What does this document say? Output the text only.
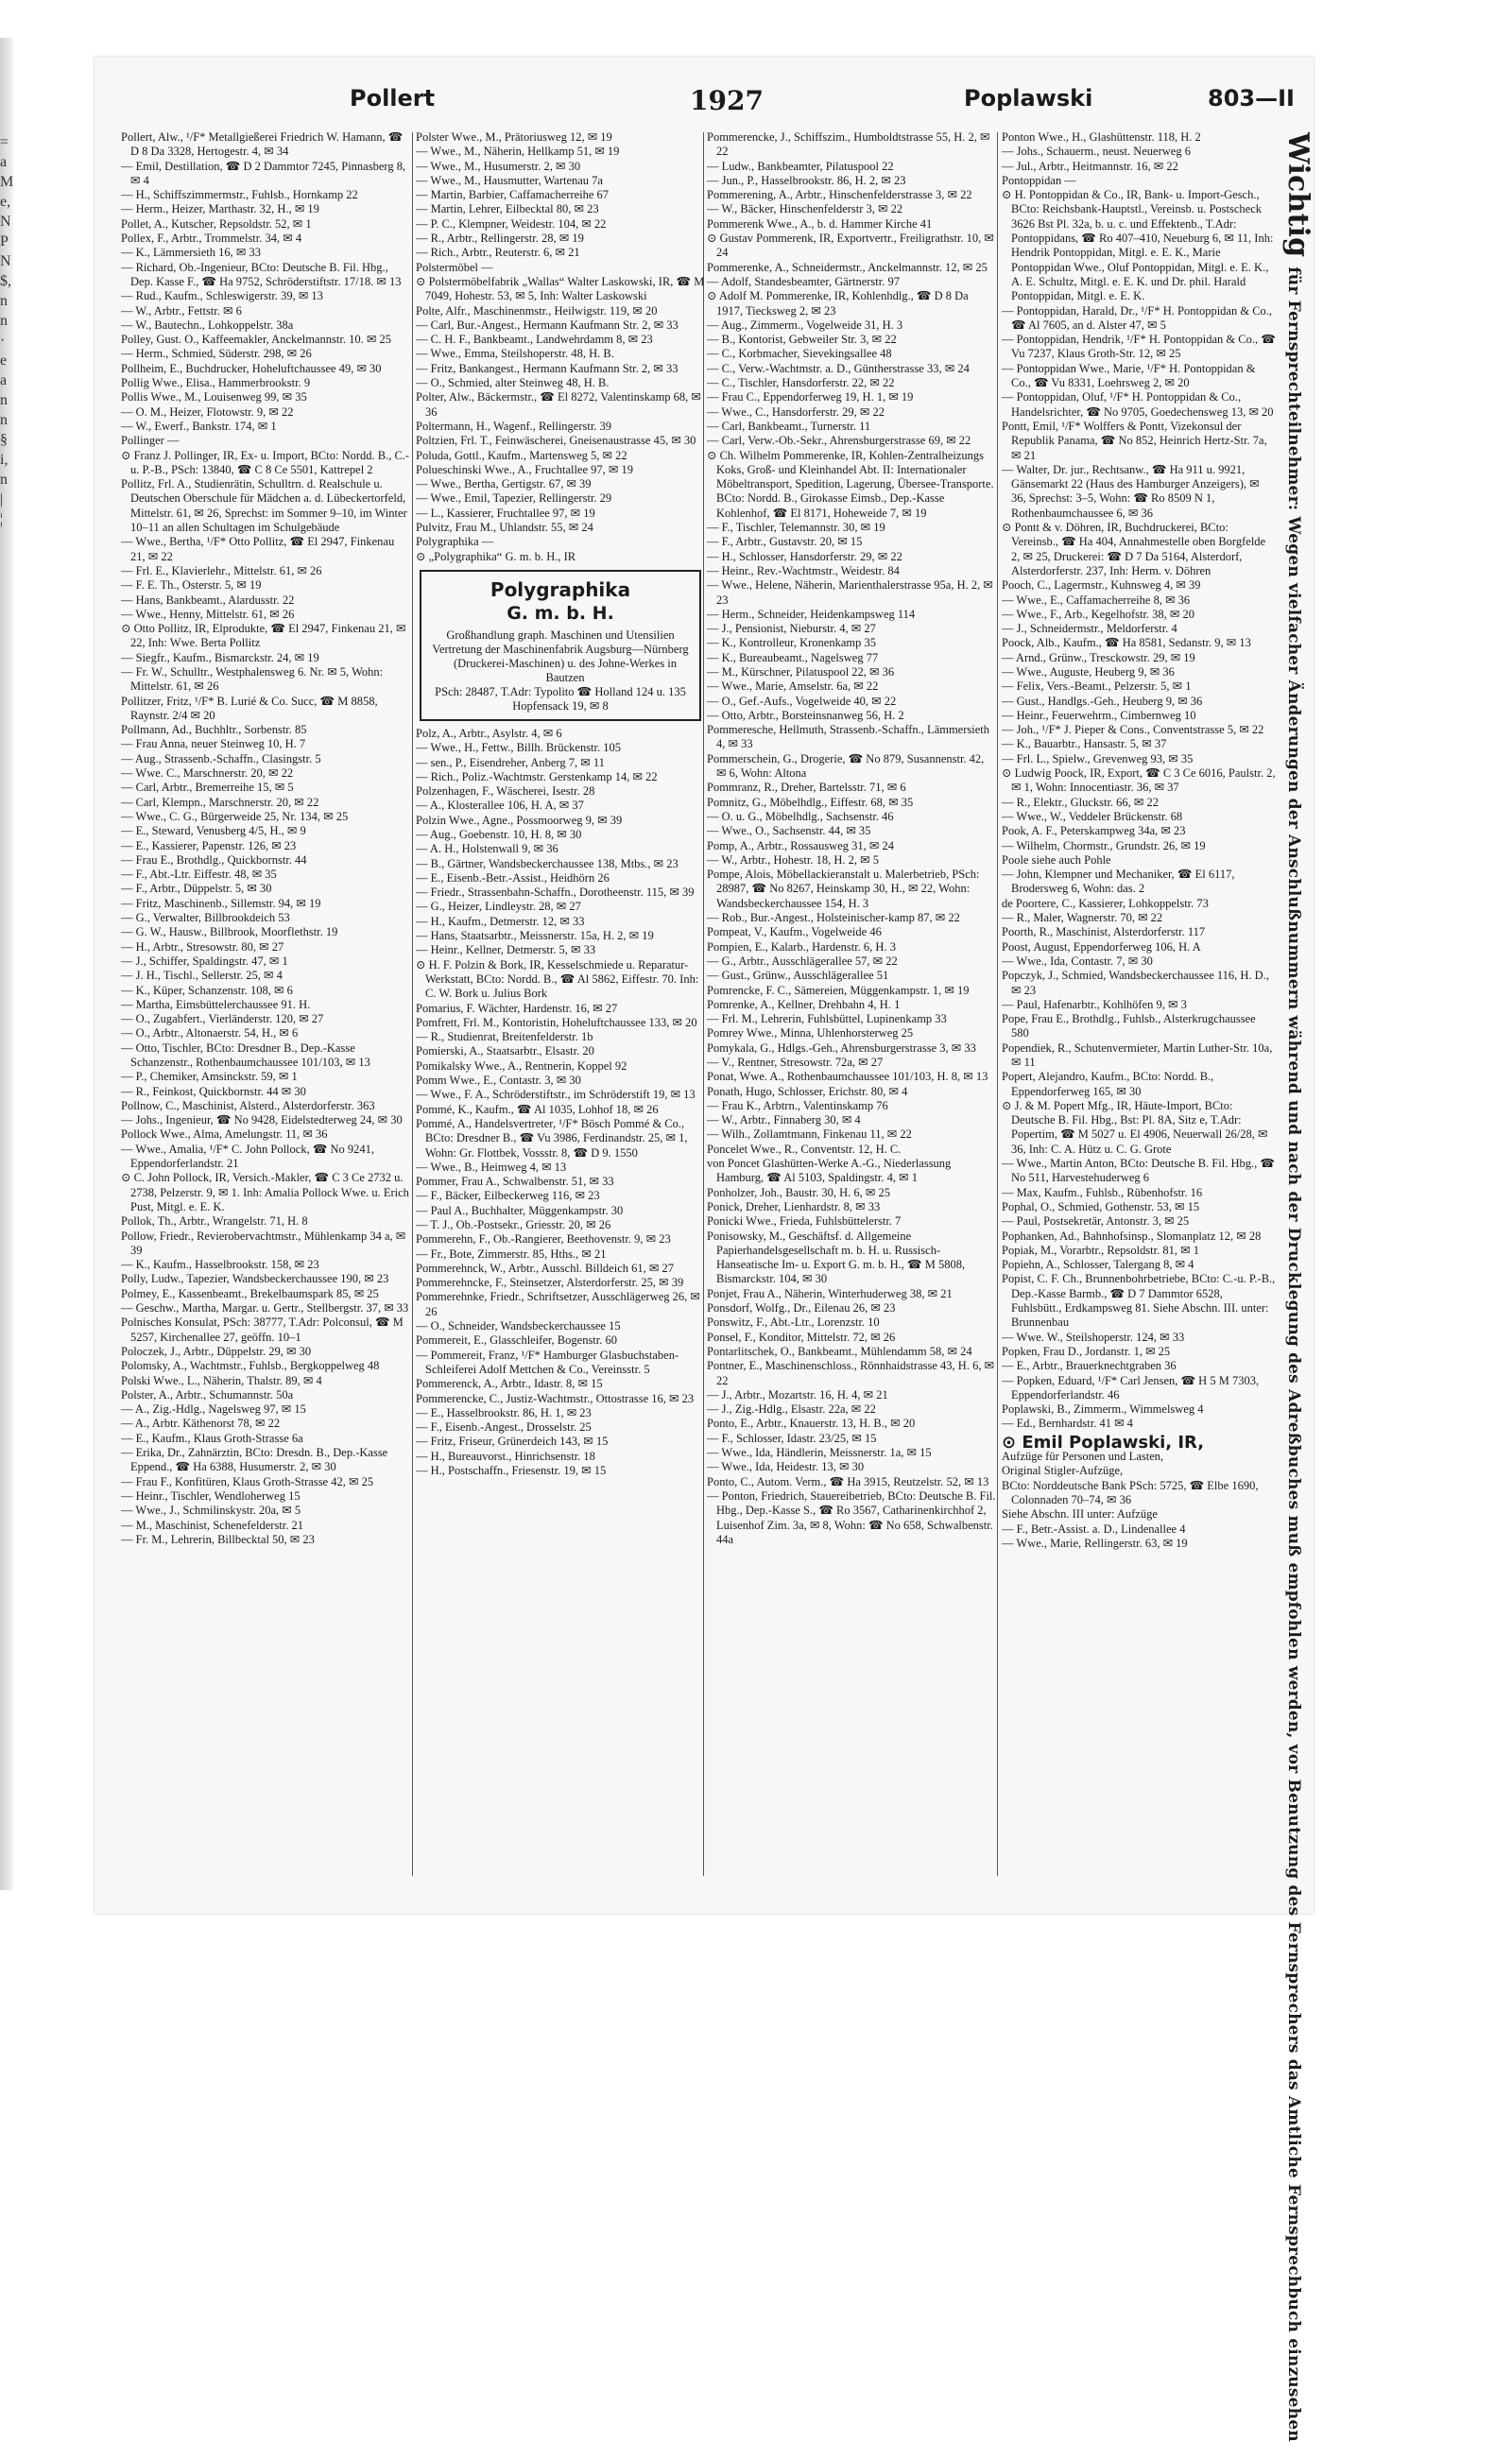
=
a
M
e,
N
P
N
$,
n
n
·
e
a
n
n
§
i,
n
|
¦
Pollert	1927	Poplawski	803—II
Pollert, Alw., ¹/F* Metallgießerei Friedrich W. Hamann, ☎ D 8 Da 3328, Hertogestr. 4, ✉ 34
— Emil, Destillation, ☎ D 2 Dammtor 7245, Pinnasberg 8, ✉ 4
— H., Schiffszimmermstr., Fuhlsb., Hornkamp 22
— Herm., Heizer, Marthastr. 32, H., ✉ 19
Pollet, A., Kutscher, Repsoldstr. 52, ✉ 1
Pollex, F., Arbtr., Trommelstr. 34, ✉ 4
— K., Lämmersieth 16, ✉ 33
— Richard, Ob.-Ingenieur, BCto: Deutsche B. Fil. Hbg., Dep. Kasse F., ☎ Ha 9752, Schröderstiftstr. 17/18. ✉ 13
— Rud., Kaufm., Schleswigerstr. 39, ✉ 13
— W., Arbtr., Fettstr. ✉ 6
— W., Bautechn., Lohkoppelstr. 38a
Polley, Gust. O., Kaffeemakler, Anckelmannstr. 10. ✉ 25
— Herm., Schmied, Süderstr. 298, ✉ 26
Pollheim, E., Buchdrucker, Hoheluftchaussee 49, ✉ 30
Pollig Wwe., Elisa., Hammerbrookstr. 9
Pollis Wwe., M., Louisenweg 99, ✉ 35
— O. M., Heizer, Flotowstr. 9, ✉ 22
— W., Ewerf., Bankstr. 174, ✉ 1
Pollinger —
⊙ Franz J. Pollinger, IR, Ex- u. Import, BCto: Nordd. B., C.- u. P.-B., PSch: 13840, ☎ C 8 Ce 5501, Kattrepel 2
Pollitz, Frl. A., Studienrätin, Schulltrn. d. Realschule u. Deutschen Oberschule für Mädchen a. d. Lübeckertorfeld, Mittelstr. 61, ✉ 26, Sprechst: im Sommer 9–10, im Winter 10–11 an allen Schultagen im Schulgebäude
— Wwe., Bertha, ¹/F* Otto Pollitz, ☎ El 2947, Finkenau 21, ✉ 22
— Frl. E., Klavierlehr., Mittelstr. 61, ✉ 26
— F. E. Th., Osterstr. 5, ✉ 19
— Hans, Bankbeamt., Alardusstr. 22
— Wwe., Henny, Mittelstr. 61, ✉ 26
⊙ Otto Pollitz, IR, Elprodukte, ☎ El 2947, Finkenau 21, ✉ 22, Inh: Wwe. Berta Pollitz
— Siegfr., Kaufm., Bismarckstr. 24, ✉ 19
— Fr. W., Schulltr., Westphalensweg 6. Nr. ✉ 5, Wohn: Mittelstr. 61, ✉ 26
Pollitzer, Fritz, ¹/F* B. Lurié & Co. Succ, ☎ M 8858, Raynstr. 2/4 ✉ 20
Pollmann, Ad., Buchhltr., Sorbenstr. 85
— Frau Anna, neuer Steinweg 10, H. 7
— Aug., Strassenb.-Schaffn., Clasingstr. 5
— Wwe. C., Marschnerstr. 20, ✉ 22
— Carl, Arbtr., Bremerreihe 15, ✉ 5
— Carl, Klempn., Marschnerstr. 20, ✉ 22
— Wwe., C. G., Bürgerweide 25, Nr. 134, ✉ 25
— E., Steward, Venusberg 4/5, H., ✉ 9
— E., Kassierer, Papenstr. 126, ✉ 23
— Frau E., Brothdlg., Quickbornstr. 44
— F., Abt.-Ltr. Eiffestr. 48, ✉ 35
— F., Arbtr., Düppelstr. 5, ✉ 30
— Fritz, Maschinenb., Sillemstr. 94, ✉ 19
— G., Verwalter, Billbrookdeich 53
— G. W., Hausw., Billbrook, Moorflethstr. 19
— H., Arbtr., Stresowstr. 80, ✉ 27
— J., Schiffer, Spaldingstr. 47, ✉ 1
— J. H., Tischl., Sellerstr. 25, ✉ 4
— K., Küper, Schanzenstr. 108, ✉ 6
— Martha, Eimsbüttelerchaussee 91. H.
— O., Zugabfert., Vierländerstr. 120, ✉ 27
— O., Arbtr., Altonaerstr. 54, H., ✉ 6
— Otto, Tischler, BCto: Dresdner B., Dep.-Kasse Schanzenstr., Rothenbaumchaussee 101/103, ✉ 13
— P., Chemiker, Amsinckstr. 59, ✉ 1
— R., Feinkost, Quickbornstr. 44 ✉ 30
Pollnow, C., Maschinist, Alsterd., Alsterdorferstr. 363
— Johs., Ingenieur, ☎ No 9428, Eidelstedterweg 24, ✉ 30
Pollock Wwe., Alma, Amelungstr. 11, ✉ 36
— Wwe., Amalia, ¹/F* C. John Pollock, ☎ No 9241, Eppendorferlandstr. 21
⊙ C. John Pollock, IR, Versich.-Makler, ☎ C 3 Ce 2732 u. 2738, Pelzerstr. 9, ✉ 1. Inh: Amalia Pollock Wwe. u. Erich Pust, Mitgl. e. E. K.
Pollok, Th., Arbtr., Wrangelstr. 71, H. 8
Pollow, Friedr., Revierobervachtmstr., Mühlenkamp 34 a, ✉ 39
— K., Kaufm., Hasselbrookstr. 158, ✉ 23
Polly, Ludw., Tapezier, Wandsbeckerchaussee 190, ✉ 23
Polmey, E., Kassenbeamt., Brekelbaumspark 85, ✉ 25
— Geschw., Martha, Margar. u. Gertr., Stellbergstr. 37, ✉ 33
Polnisches Konsulat, PSch: 38777, T.Adr: Polconsul, ☎ M 5257, Kirchenallee 27, geöffn. 10–1
Poloczek, J., Arbtr., Düppelstr. 29, ✉ 30
Polomsky, A., Wachtmstr., Fuhlsb., Bergkoppelweg 48
Polski Wwe., L., Näherin, Thalstr. 89, ✉ 4
Polster, A., Arbtr., Schumannstr. 50a
— A., Zig.-Hdlg., Nagelsweg 97, ✉ 15
— A., Arbtr. Käthenorst 78, ✉ 22
— E., Kaufm., Klaus Groth-Strasse 6a
— Erika, Dr., Zahnärztin, BCto: Dresdn. B., Dep.-Kasse Eppend., ☎ Ha 6388, Husumerstr. 2, ✉ 30
— Frau F., Konfitüren, Klaus Groth-Strasse 42, ✉ 25
— Heinr., Tischler, Wendloherweg 15
— Wwe., J., Schmilinskystr. 20a, ✉ 5
— M., Maschinist, Schenefelderstr. 21
— Fr. M., Lehrerin, Billbecktal 50, ✉ 23
Polster Wwe., M., Prätoriusweg 12, ✉ 19
— Wwe., M., Näherin, Hellkamp 51, ✉ 19
— Wwe., M., Husumerstr. 2, ✉ 30
— Wwe., M., Hausmutter, Wartenau 7a
— Martin, Barbier, Caffamacherreihe 67
— Martin, Lehrer, Eilbecktal 80, ✉ 23
— P. C., Klempner, Weidestr. 104, ✉ 22
— R., Arbtr., Rellingerstr. 28, ✉ 19
— Rich., Arbtr., Reuterstr. 6, ✉ 21
Polstermöbel —
⊙ Polstermöbelfabrik „Wallas“ Walter Laskowski, IR, ☎ M 7049, Hohestr. 53, ✉ 5, Inh: Walter Laskowski
Polte, Alfr., Maschinenmstr., Heilwigstr. 119, ✉ 20
— Carl, Bur.-Angest., Hermann Kaufmann Str. 2, ✉ 33
— C. H. F., Bankbeamt., Landwehrdamm 8, ✉ 23
— Wwe., Emma, Steilshoperstr. 48, H. B.
— Fritz, Bankangest., Hermann Kaufmann Str. 2, ✉ 33
— O., Schmied, alter Steinweg 48, H. B.
Polter, Alw., Bäckermstr., ☎ El 8272, Valentinskamp 68, ✉ 36
Poltermann, H., Wagenf., Rellingerstr. 39
Poltzien, Frl. T., Feinwäscherei, Gneisenaustrasse 45, ✉ 30
Poluda, Gottl., Kaufm., Martensweg 5, ✉ 22
Polueschinski Wwe., A., Fruchtallee 97, ✉ 19
— Wwe., Bertha, Gertigstr. 67, ✉ 39
— Wwe., Emil, Tapezier, Rellingerstr. 29
— L., Kassierer, Fruchtallee 97, ✉ 19
Pulvitz, Frau M., Uhlandstr. 55, ✉ 24
Polygraphika —
⊙ „Polygraphika“ G. m. b. H., IR
Polygraphika
G. m. b. H.
Großhandlung graph. Maschinen und Utensilien
Vertretung der Maschinenfabrik Augsburg—Nürnberg (Druckerei-Maschinen) u. des Johne-Werkes in Bautzen
PSch: 28487, T.Adr: Typolito ☎ Holland 124 u. 135
Hopfensack 19, ✉ 8
Polz, A., Arbtr., Asylstr. 4, ✉ 6
— Wwe., H., Fettw., Billh. Brückenstr. 105
— sen., P., Eisendreher, Anberg 7, ✉ 11
— Rich., Poliz.-Wachtmstr. Gerstenkamp 14, ✉ 22
Polzenhagen, F., Wäscherei, Isestr. 28
— A., Klosterallee 106, H. A, ✉ 37
Polzin Wwe., Agne., Possmoorweg 9, ✉ 39
— Aug., Goebenstr. 10, H. 8, ✉ 30
— A. H., Holstenwall 9, ✉ 36
— B., Gärtner, Wandsbeckerchaussee 138, Mtbs., ✉ 23
— E., Eisenb.-Betr.-Assist., Heidhörn 26
— Friedr., Strassenbahn-Schaffn., Dorotheenstr. 115, ✉ 39
— G., Heizer, Lindleystr. 28, ✉ 27
— H., Kaufm., Detmerstr. 12, ✉ 33
— Hans, Staatsarbtr., Meissnerstr. 15a, H. 2, ✉ 19
— Heinr., Kellner, Detmerstr. 5, ✉ 33
⊙ H. F. Polzin & Bork, IR, Kesselschmiede u. Reparatur-Werkstatt, BCto: Nordd. B., ☎ Al 5862, Eiffestr. 70. Inh: C. W. Bork u. Julius Bork
Pomarius, F. Wächter, Hardenstr. 16, ✉ 27
Pomfrett, Frl. M., Kontoristin, Hoheluftchaussee 133, ✉ 20
— R., Studienrat, Breitenfelderstr. 1b
Pomierski, A., Staatsarbtr., Elsastr. 20
Pomikalsky Wwe., A., Rentnerin, Koppel 92
Pomm Wwe., E., Contastr. 3, ✉ 30
— Wwe., F. A., Schröderstiftstr., im Schröderstift 19, ✉ 13
Pommé, K., Kaufm., ☎ Al 1035, Lohhof 18, ✉ 26
Pommé, A., Handelsvertreter, ¹/F* Bösch Pommé & Co., BCto: Dresdner B., ☎ Vu 3986, Ferdinandstr. 25, ✉ 1, Wohn: Gr. Flottbek, Vossstr. 8, ☎ D 9. 1550
— Wwe., B., Heimweg 4, ✉ 13
Pommer, Frau A., Schwalbenstr. 51, ✉ 33
— F., Bäcker, Eilbeckerweg 116, ✉ 23
— Paul A., Buchhalter, Müggenkampstr. 30
— T. J., Ob.-Postsekr., Griesstr. 20, ✉ 26
Pommerehn, F., Ob.-Rangierer, Beethovenstr. 9, ✉ 23
— Fr., Bote, Zimmerstr. 85, Hths., ✉ 21
Pommerehnck, W., Arbtr., Ausschl. Billdeich 61, ✉ 27
Pommerehncke, F., Steinsetzer, Alsterdorferstr. 25, ✉ 39
Pommerehnke, Friedr., Schriftsetzer, Ausschlägerweg 26, ✉ 26
— O., Schneider, Wandsbeckerchaussee 15
Pommereit, E., Glasschleifer, Bogenstr. 60
— Pommereit, Franz, ¹/F* Hamburger Glasbuchstaben-Schleiferei Adolf Mettchen & Co., Vereinsstr. 5
Pommerenck, A., Arbtr., Idastr. 8, ✉ 15
Pommerencke, C., Justiz-Wachtmstr., Ottostrasse 16, ✉ 23
— E., Hasselbrookstr. 86, H. 1, ✉ 23
— F., Eisenb.-Angest., Drosselstr. 25
— Fritz, Friseur, Grünerdeich 143, ✉ 15
— H., Bureauvorst., Hinrichsenstr. 18
— H., Postschaffn., Friesenstr. 19, ✉ 15
Pommerencke, J., Schiffszim., Humboldtstrasse 55, H. 2, ✉ 22
— Ludw., Bankbeamter, Pilatuspool 22
— Jun., P., Hasselbrookstr. 86, H. 2, ✉ 23
Pommerening, A., Arbtr., Hinschenfelderstrasse 3, ✉ 22
— W., Bäcker, Hinschenfelderstr 3, ✉ 22
Pommerenk Wwe., A., b. d. Hammer Kirche 41
⊙ Gustav Pommerenk, IR, Exportvertr., Freiligrathstr. 10, ✉ 24
Pommerenke, A., Schneidermstr., Anckelmannstr. 12, ✉ 25
— Adolf, Standesbeamter, Gärtnerstr. 97
⊙ Adolf M. Pommerenke, IR, Kohlenhdlg., ☎ D 8 Da 1917, Tiecksweg 2, ✉ 23
— Aug., Zimmerm., Vogelweide 31, H. 3
— B., Kontorist, Gebweiler Str. 3, ✉ 22
— C., Korbmacher, Sievekingsallee 48
— C., Verw.-Wachtmstr. a. D., Güntherstrasse 33, ✉ 24
— C., Tischler, Hansdorferstr. 22, ✉ 22
— Frau C., Eppendorferweg 19, H. 1, ✉ 19
— Wwe., C., Hansdorferstr. 29, ✉ 22
— Carl, Bankbeamt., Turnerstr. 11
— Carl, Verw.-Ob.-Sekr., Ahrensburgerstrasse 69, ✉ 22
⊙ Ch. Wilhelm Pommerenke, IR, Kohlen-Zentralheizungs Koks, Groß- und Kleinhandel Abt. II: Internationaler Möbeltransport, Spedition, Lagerung, Übersee-Transporte. BCto: Nordd. B., Girokasse Eimsb., Dep.-Kasse Kohlenhof, ☎ El 8171, Hoheweide 7, ✉ 19
— F., Tischler, Telemannstr. 30, ✉ 19
— F., Arbtr., Gustavstr. 20, ✉ 15
— H., Schlosser, Hansdorferstr. 29, ✉ 22
— Heinr., Rev.-Wachtmstr., Weidestr. 84
— Wwe., Helene, Näherin, Marienthalerstrasse 95a, H. 2, ✉ 23
— Herm., Schneider, Heidenkampsweg 114
— J., Pensionist, Nieburstr. 4, ✉ 27
— K., Kontrolleur, Kronenkamp 35
— K., Bureaubeamt., Nagelsweg 77
— M., Kürschner, Pilatuspool 22, ✉ 36
— Wwe., Marie, Amselstr. 6a, ✉ 22
— O., Gef.-Aufs., Vogelweide 40, ✉ 22
— Otto, Arbtr., Borsteinsnanweg 56, H. 2
Pommeresche, Hellmuth, Strassenb.-Schaffn., Lämmersieth 4, ✉ 33
Pommerschein, G., Drogerie, ☎ No 879, Susannenstr. 42, ✉ 6, Wohn: Altona
Pommranz, R., Dreher, Bartelsstr. 71, ✉ 6
Pomnitz, G., Möbelhdlg., Eiffestr. 68, ✉ 35
— O. u. G., Möbelhdlg., Sachsenstr. 46
— Wwe., O., Sachsenstr. 44, ✉ 35
Pomp, A., Arbtr., Rossausweg 31, ✉ 24
— W., Arbtr., Hohestr. 18, H. 2, ✉ 5
Pompe, Alois, Möbellackieranstalt u. Malerbetrieb, PSch: 28987, ☎ No 8267, Heinskamp 30, H., ✉ 22, Wohn: Wandsbeckerchaussee 154, H. 3
— Rob., Bur.-Angest., Holsteinischer-kamp 87, ✉ 22
Pompeat, V., Kaufm., Vogelweide 46
Pompien, E., Kalarb., Hardenstr. 6, H. 3
— G., Arbtr., Ausschlägerallee 57, ✉ 22
— Gust., Grünw., Ausschlägerallee 51
Pomrencke, F. C., Sämereien, Müggenkampstr. 1, ✉ 19
Pomrenke, A., Kellner, Drehbahn 4, H. 1
— Frl. M., Lehrerin, Fuhlsbüttel, Lupinenkamp 33
Pomrey Wwe., Minna, Uhlenhorsterweg 25
Pomykala, G., Hdlgs.-Geh., Ahrensburgerstrasse 3, ✉ 33
— V., Rentner, Stresowstr. 72a, ✉ 27
Ponat, Wwe. A., Rothenbaumchaussee 101/103, H. 8, ✉ 13
Ponath, Hugo, Schlosser, Erichstr. 80, ✉ 4
— Frau K., Arbtrn., Valentinskamp 76
— W., Arbtr., Finnaberg 30, ✉ 4
— Wilh., Zollamtmann, Finkenau 11, ✉ 22
Poncelet Wwe., R., Conventstr. 12, H. C.
von Poncet Glashütten-Werke A.-G., Niederlassung Hamburg, ☎ Al 5103, Spaldingstr. 4, ✉ 1
Ponholzer, Joh., Baustr. 30, H. 6, ✉ 25
Ponick, Dreher, Lienhardstr. 8, ✉ 33
Ponicki Wwe., Frieda, Fuhlsbüttelerstr. 7
Ponisowsky, M., Geschäftsf. d. Allgemeine Papierhandelsgesellschaft m. b. H. u. Russisch-Hanseatische Im- u. Export G. m. b. H., ☎ M 5808, Bismarckstr. 104, ✉ 30
Ponjet, Frau A., Näherin, Winterhuderweg 38, ✉ 21
Ponsdorf, Wolfg., Dr., Eilenau 26, ✉ 23
Ponswitz, F., Abt.-Ltr., Lorenzstr. 10
Ponsel, F., Konditor, Mittelstr. 72, ✉ 26
Pontarlitschek, O., Bankbeamt., Mühlendamm 58, ✉ 24
Pontner, E., Maschinenschloss., Rönnhaidstrasse 43, H. 6, ✉ 22
— J., Arbtr., Mozartstr. 16, H. 4, ✉ 21
— J., Zig.-Hdlg., Elsastr. 22a, ✉ 22
Ponto, E., Arbtr., Knauerstr. 13, H. B., ✉ 20
— F., Schlosser, Idastr. 23/25, ✉ 15
— Wwe., Ida, Händlerin, Meissnerstr. 1a, ✉ 15
— Wwe., Ida, Heidestr. 13, ✉ 30
Ponto, C., Autom. Verm., ☎ Ha 3915, Reutzelstr. 52, ✉ 13
— Ponton, Friedrich, Stauereibetrieb, BCto: Deutsche B. Fil. Hbg., Dep.-Kasse S., ☎ Ro 3567, Catharinenkirchhof 2, Luisenhof Zim. 3a, ✉ 8, Wohn: ☎ No 658, Schwalbenstr. 44a
Ponton Wwe., H., Glashüttenstr. 118, H. 2
— Johs., Schauerm., neust. Neuerweg 6
— Jul., Arbtr., Heitmannstr. 16, ✉ 22
Pontoppidan —
⊙ H. Pontoppidan & Co., IR, Bank- u. Import-Gesch., BCto: Reichsbank-Hauptstl., Vereinsb. u. Postscheck 3626 Bst Pl. 32a, b. u. c. und Effektenb., T.Adr: Pontoppidans, ☎ Ro 407–410, Neueburg 6, ✉ 11, Inh: Hendrik Pontoppidan, Mitgl. e. E. K., Marie Pontoppidan Wwe., Oluf Pontoppidan, Mitgl. e. E. K., A. E. Schultz, Mitgl. e. E. K. und Dr. phil. Harald Pontoppidan, Mitgl. e. E. K.
— Pontoppidan, Harald, Dr., ¹/F* H. Pontoppidan & Co., ☎ Al 7605, an d. Alster 47, ✉ 5
— Pontoppidan, Hendrik, ¹/F* H. Pontoppidan & Co., ☎ Vu 7237, Klaus Groth-Str. 12, ✉ 25
— Pontoppidan Wwe., Marie, ¹/F* H. Pontoppidan & Co., ☎ Vu 8331, Loehrsweg 2, ✉ 20
— Pontoppidan, Oluf, ¹/F* H. Pontoppidan & Co., Handelsrichter, ☎ No 9705, Goedechensweg 13, ✉ 20
Pontt, Emil, ¹/F* Wolffers & Pontt, Vizekonsul der Republik Panama, ☎ No 852, Heinrich Hertz-Str. 7a, ✉ 21
— Walter, Dr. jur., Rechtsanw., ☎ Ha 911 u. 9921, Gänsemarkt 22 (Haus des Hamburger Anzeigers), ✉ 36, Sprechst: 3–5, Wohn: ☎ Ro 8509 N 1, Rothenbaumchaussee 6, ✉ 36
⊙ Pontt & v. Döhren, IR, Buchdruckerei, BCto: Vereinsb., ☎ Ha 404, Annahmestelle oben Borgfelde 2, ✉ 25, Druckerei: ☎ D 7 Da 5164, Alsterdorf, Alsterdorferstr. 237, Inh: Herm. v. Döhren
Pooch, C., Lagermstr., Kuhnsweg 4, ✉ 39
— Wwe., E., Caffamacherreihe 8, ✉ 36
— Wwe., F., Arb., Kegelhofstr. 38, ✉ 20
— J., Schneidermstr., Meldorferstr. 4
Poock, Alb., Kaufm., ☎ Ha 8581, Sedanstr. 9, ✉ 13
— Arnd., Grünw., Tresckowstr. 29, ✉ 19
— Wwe., Auguste, Heuberg 9, ✉ 36
— Felix, Vers.-Beamt., Pelzerstr. 5, ✉ 1
— Gust., Handlgs.-Geh., Heuberg 9, ✉ 36
— Heinr., Feuerwehrm., Cimbernweg 10
— Joh., ¹/F* J. Pieper & Cons., Conventstrasse 5, ✉ 22
— K., Bauarbtr., Hansastr. 5, ✉ 37
— Frl. L., Spielw., Grevenweg 93, ✉ 35
⊙ Ludwig Poock, IR, Export, ☎ C 3 Ce 6016, Paulstr. 2, ✉ 1, Wohn: Innocentiastr. 36, ✉ 37
— R., Elektr., Gluckstr. 66, ✉ 22
— Wwe., W., Veddeler Brückenstr. 68
Pook, A. F., Peterskampweg 34a, ✉ 23
— Wilhelm, Chormstr., Grundstr. 26, ✉ 19
Poole siehe auch Pohle
— John, Klempner und Mechaniker, ☎ El 6117, Brodersweg 6, Wohn: das. 2
de Poortere, C., Kassierer, Lohkoppelstr. 73
— R., Maler, Wagnerstr. 70, ✉ 22
Poorth, R., Maschinist, Alsterdorferstr. 117
Poost, August, Eppendorferweg 106, H. A
— Wwe., Ida, Contastr. 7, ✉ 30
Popczyk, J., Schmied, Wandsbeckerchaussee 116, H. D., ✉ 23
— Paul, Hafenarbtr., Kohlhöfen 9, ✉ 3
Pope, Frau E., Brothdlg., Fuhlsb., Alsterkrugchaussee 580
Popendiek, R., Schutenvermieter, Martin Luther-Str. 10a, ✉ 11
Popert, Alejandro, Kaufm., BCto: Nordd. B., Eppendorferweg 165, ✉ 30
⊙ J. & M. Popert Mfg., IR, Häute-Import, BCto: Deutsche B. Fil. Hbg., Bst: Pl. 8A, Sitz e, T.Adr: Popertim, ☎ M 5027 u. El 4906, Neuerwall 26/28, ✉ 36, Inh: C. A. Hütz u. C. G. Grote
— Wwe., Martin Anton, BCto: Deutsche B. Fil. Hbg., ☎ No 511, Harvestehuderweg 6
— Max, Kaufm., Fuhlsb., Rübenhofstr. 16
Pophal, O., Schmied, Gothenstr. 53, ✉ 15
— Paul, Postsekretär, Antonstr. 3, ✉ 25
Pophanken, Ad., Bahnhofsinsp., Slomanplatz 12, ✉ 28
Popiak, M., Vorarbtr., Repsoldstr. 81, ✉ 1
Popiehn, A., Schlosser, Talergang 8, ✉ 4
Popist, C. F. Ch., Brunnenbohrbetriebe, BCto: C.-u. P.-B., Dep.-Kasse Barmb., ☎ D 7 Dammtor 6528, Fuhlsbütt., Erdkampsweg 81. Siehe Abschn. III. unter: Brunnenbau
— Wwe. W., Steilshoperstr. 124, ✉ 33
Popken, Frau D., Jordanstr. 1, ✉ 25
— E., Arbtr., Brauerknechtgraben 36
— Popken, Eduard, ¹/F* Carl Jensen, ☎ H 5 M 7303, Eppendorferlandstr. 46
Poplawski, B., Zimmerm., Wimmelsweg 4
— Ed., Bernhardstr. 41 ✉ 4
⊙ Emil Poplawski, IR,
Aufzüge für Personen und Lasten,
Original Stigler-Aufzüge,
BCto: Norddeutsche Bank PSch: 5725, ☎ Elbe 1690, Colonnaden 70–74, ✉ 36
Siehe Abschn. III unter: Aufzüge
— F., Betr.-Assist. a. D., Lindenallee 4
— Wwe., Marie, Rellingerstr. 63, ✉ 19
Wichtigfür Fernsprechteilnehmer: Wegen vielfacher Änderungen der Anschlußnummern während und nach der Drucklegung des Adreßbuches muß empfohlen werden, vor Benutzung des Fernsprechers das Amtliche Fernsprechbuch einzusehen
